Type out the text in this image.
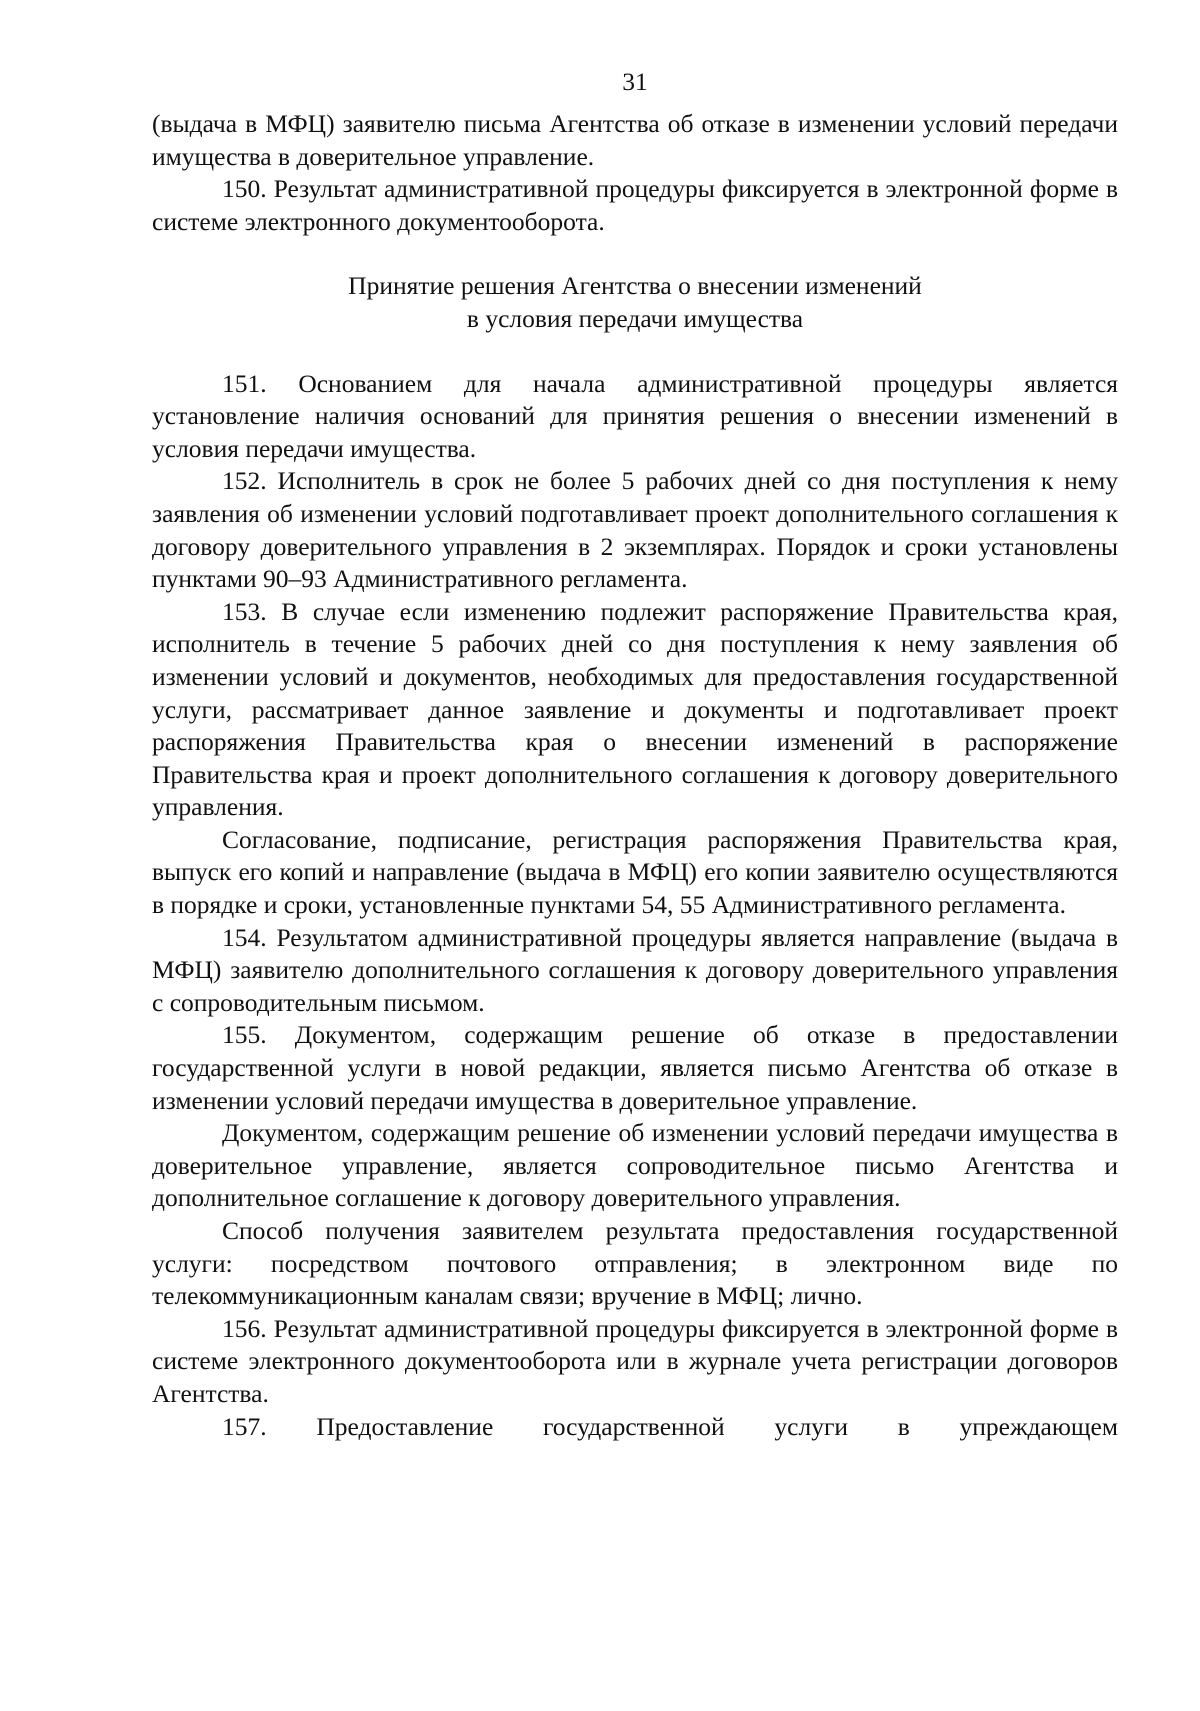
31

(выдача в МФЦ) заявителю письма Агентства об отказе в изменении условий передачи имущества в доверительное управление.

150. Результат административной процедуры фиксируется в электронной форме в системе электронного документооборота.

Принятие решения Агентства о внесении изменений
в условия передачи имущества

151. Основанием для начала административной процедуры является установление наличия оснований для принятия решения о внесении изменений в условия передачи имущества.

152. Исполнитель в срок не более 5 рабочих дней со дня поступления к нему заявления об изменении условий подготавливает проект дополнительного соглашения к договору доверительного управления в 2 экземплярах. Порядок и сроки установлены пунктами 90–93 Административного регламента.

153. В случае если изменению подлежит распоряжение Правительства края, исполнитель в течение 5 рабочих дней со дня поступления к нему заявления об изменении условий и документов, необходимых для предоставления государственной услуги, рассматривает данное заявление и документы и подготавливает проект распоряжения Правительства края о внесении изменений в распоряжение Правительства края и проект дополнительного соглашения к договору доверительного управления.

Согласование, подписание, регистрация распоряжения Правительства края, выпуск его копий и направление (выдача в МФЦ) его копии заявителю осуществляются в порядке и сроки, установленные пунктами 54, 55 Административного регламента.

154. Результатом административной процедуры является направление (выдача в МФЦ) заявителю дополнительного соглашения к договору доверительного управления с сопроводительным письмом.

155. Документом, содержащим решение об отказе в предоставлении государственной услуги в новой редакции, является письмо Агентства об отказе в изменении условий передачи имущества в доверительное управление.

Документом, содержащим решение об изменении условий передачи имущества в доверительное управление, является сопроводительное письмо Агентства и дополнительное соглашение к договору доверительного управления.

Способ получения заявителем результата предоставления государственной услуги: посредством почтового отправления; в электронном виде по телекоммуникационным каналам связи; вручение в МФЦ; лично.

156. Результат административной процедуры фиксируется в электронной форме в системе электронного документооборота или в журнале учета регистрации договоров Агентства.

157. Предоставление государственной услуги в упреждающем
